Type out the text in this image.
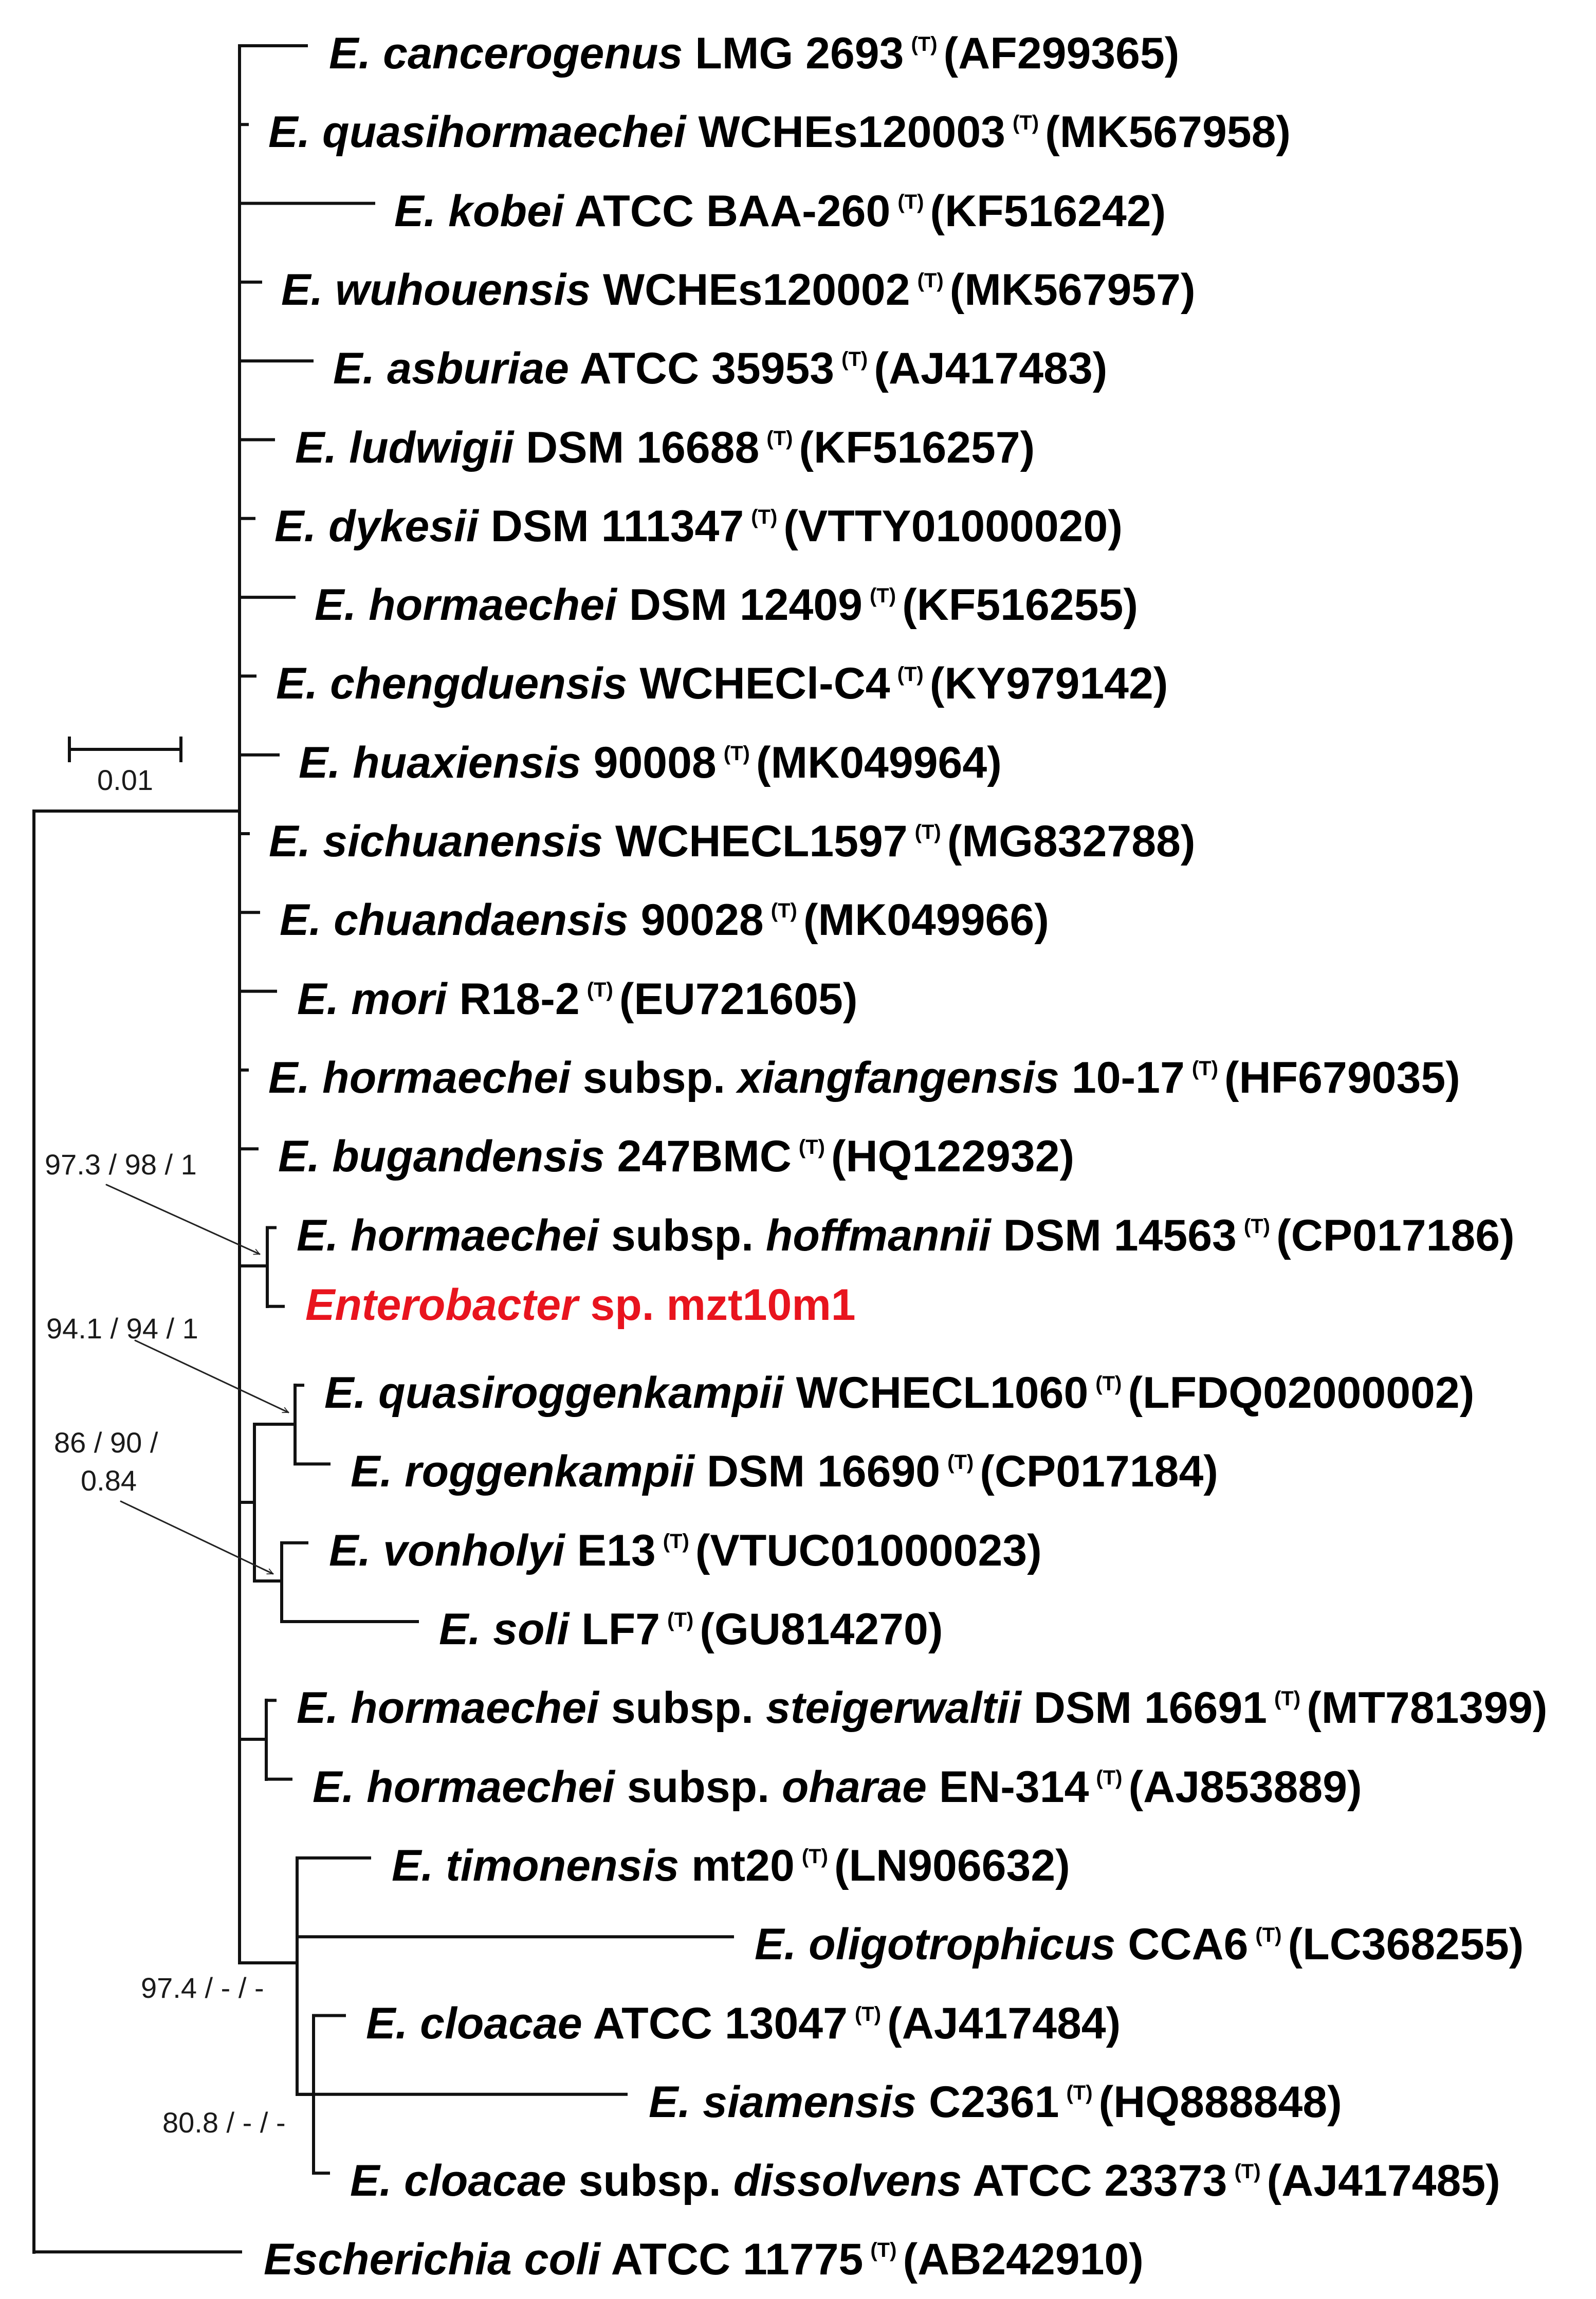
E. cancerogenus LMG 2693 $^{(T)}$ (AF299365)
E. quasihormaechei WCHEs120003 $^{(T)}$ (MK567958)
E. kobei ATCC BAA-260 $^{(T)}$ (KF516242)
E. wuhouensis WCHEs120002 $^{(T)}$ (MK567957)
E. asburiae ATCC 35953 $^{(T)}$ (AJ417483)
E. ludwigii DSM 16688 $^{(T)}$ (KF516257)
E. dykesii DSM 111347 $^{(T)}$ (VTTY01000020)
E. hormaechei DSM 12409 $^{(T)}$ (KF516255)
E. chengduensis WCHECl-C4 $^{(T)}$ (KY979142)
E. huaxiensis 90008 $^{(T)}$ (MK049964)
E. sichuanensis WCHECL1597 $^{(T)}$ (MG832788)
E. chuandaensis 90028 $^{(T)}$ (MK049966)
E. mori R18-2 $^{(T)}$ (EU721605)
E. hormaechei subsp. xiangfangensis 10-17 $^{(T)}$ (HF679035)
E. bugandensis 247BMC $^{(T)}$ (HQ122932)
E. hormaechei subsp. hoffmannii DSM 14563 $^{(T)}$ (CP017186)
Enterobacter sp. mzt10m1
E. quasiroggenkampii WCHECL1060 $^{(T)}$ (LFDQ02000002)
E. roggenkampii DSM 16690 $^{(T)}$ (CP017184)
E. vonholyi E13 $^{(T)}$ (VTUC01000023)
E. soli LF7 $^{(T)}$ (GU814270)
E. hormaechei subsp. steigerwaltii DSM 16691 $^{(T)}$ (MT781399)
E. hormaechei subsp. oharae EN-314 $^{(T)}$ (AJ853889)
E. timonensis mt20 $^{(T)}$ (LN906632)
E. oligotrophicus CCA6 $^{(T)}$ (LC368255)
E. cloacae ATCC 13047 $^{(T)}$ (AJ417484)
E. siamensis C2361 $^{(T)}$ (HQ888848)
E. cloacae subsp. dissolvens ATCC 23373 $^{(T)}$ (AJ417485)
Escherichia coli ATCC 11775 $^{(T)}$ (AB242910)
97.3 / 98 / 1
94.1 / 94 / 1
86 / 90 /
0.84
97.4 / - / -
80.8 / - / -
0.01
